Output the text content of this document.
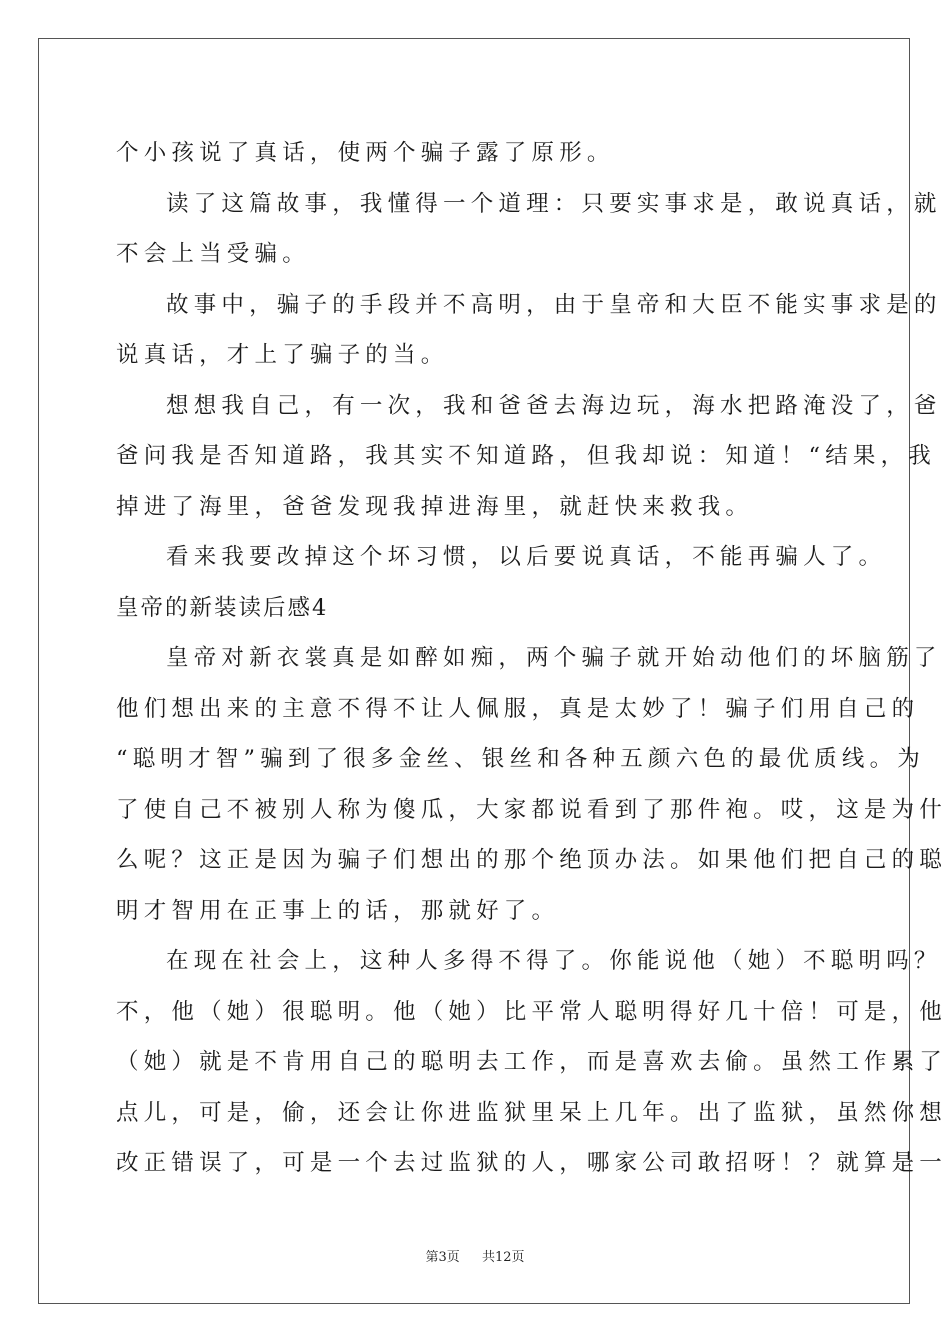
个小孩说了真话，使两个骗子露了原形。
读了这篇故事，我懂得一个道理：只要实事求是，敢说真话，就
不会上当受骗。
故事中，骗子的手段并不高明，由于皇帝和大臣不能实事求是的
说真话，才上了骗子的当。
想想我自己，有一次，我和爸爸去海边玩，海水把路淹没了，爸
爸问我是否知道路，我其实不知道路，但我却说：知道！“结果，我
掉进了海里，爸爸发现我掉进海里，就赶快来救我。
看来我要改掉这个坏习惯，以后要说真话，不能再骗人了。
皇帝的新装读后感4
皇帝对新衣裳真是如醉如痴，两个骗子就开始动他们的坏脑筋了
他们想出来的主意不得不让人佩服，真是太妙了！骗子们用自己的
“聪明才智”骗到了很多金丝、银丝和各种五颜六色的最优质线。为
了使自己不被别人称为傻瓜，大家都说看到了那件袍。哎，这是为什
么呢？这正是因为骗子们想出的那个绝顶办法。如果他们把自己的聪
明才智用在正事上的话，那就好了。
在现在社会上，这种人多得不得了。你能说他（她）不聪明吗？
不，他（她）很聪明。他（她）比平常人聪明得好几十倍！可是，他
（她）就是不肯用自己的聪明去工作，而是喜欢去偷。虽然工作累了
点儿，可是，偷，还会让你进监狱里呆上几年。出了监狱，虽然你想
改正错误了，可是一个去过监狱的人，哪家公司敢招呀！？就算是一
第3页 共12页
